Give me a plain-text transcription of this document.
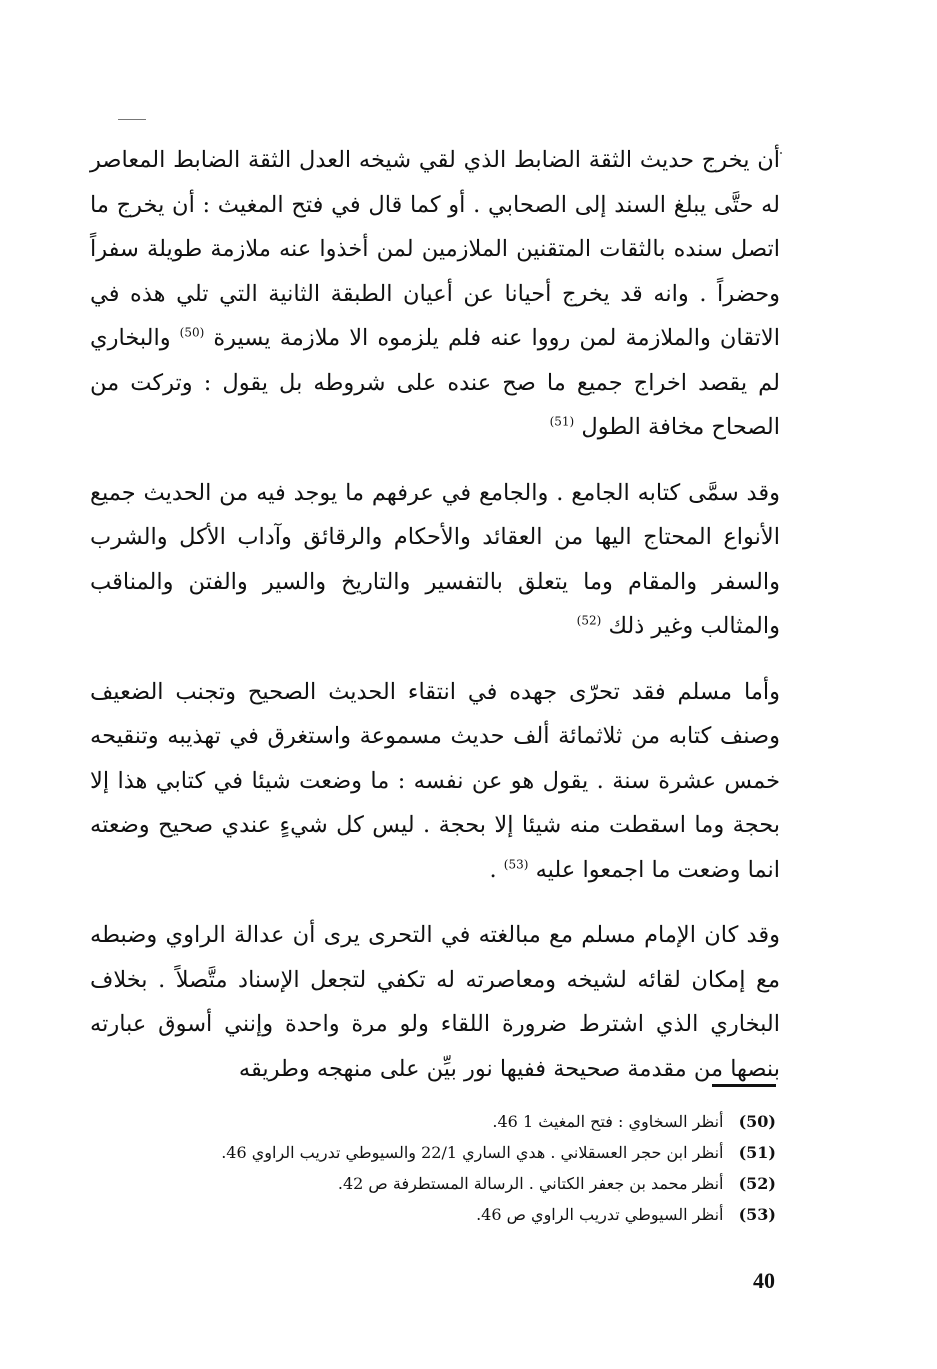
أن يخرج حديث الثقة الضابط الذي لقي شيخه العدل الثقة الضابط المعاصر له حتَّى يبلغ السند إلى الصحابي . أو كما قال في فتح المغيث : أن يخرج ما اتصل سنده بالثقات المتقنين الملازمين لمن أخذوا عنه ملازمة طويلة سفراً وحضراً . وانه قد يخرج أحيانا عن أعيان الطبقة الثانية التي تلي هذه في الاتقان والملازمة لمن رووا عنه فلم يلزموه الا ملازمة يسيرة $^{(50)}$ والبخاري لم يقصد اخراج جميع ما صح عنده على شروطه بل يقول : وتركت من الصحاح مخافة الطول $^{(51)}$

وقد سمَّى كتابه الجامع . والجامع في عرفهم ما يوجد فيه من الحديث جميع الأنواع المحتاج اليها من العقائد والأحكام والرقائق وآداب الأكل والشرب والسفر والمقام وما يتعلق بالتفسير والتاريخ والسير والفتن والمناقب والمثالب وغير ذلك $^{(52)}$

وأما مسلم فقد تحرّى جهده في انتقاء الحديث الصحيح وتجنب الضعيف وصنف كتابه من ثلاثمائة ألف حديث مسموعة واستغرق في تهذيبه وتنقيحه خمس عشرة سنة . يقول هو عن نفسه : ما وضعت شيئا في كتابي هذا إلا بحجة وما اسقطت منه شيئا إلا بحجة . ليس كل شيءٍ عندي صحيح وضعته انما وضعت ما اجمعوا عليه $^{(53)}$ .

وقد كان الإمام مسلم مع مبالغته في التحرى يرى أن عدالة الراوي وضبطه مع إمكان لقائه لشيخه ومعاصرته له تكفي لتجعل الإسناد متَّصلاً . بخلاف البخاري الذي اشترط ضرورة اللقاء ولو مرة واحدة وإنني أسوق عبارته بنصها من مقدمة صحيحة ففيها نور بيِّن على منهجه وطريقه

(50) أنظر السخاوي : فتح المغيث 1 46.
(51) أنظر ابن حجر العسقلاني . هدي الساري 22/1 والسيوطي تدريب الراوي 46.
(52) أنظر محمد بن جعفر الكتاني . الرسالة المستطرفة ص 42.
(53) أنظر السيوطي تدريب الراوي ص 46.
40
